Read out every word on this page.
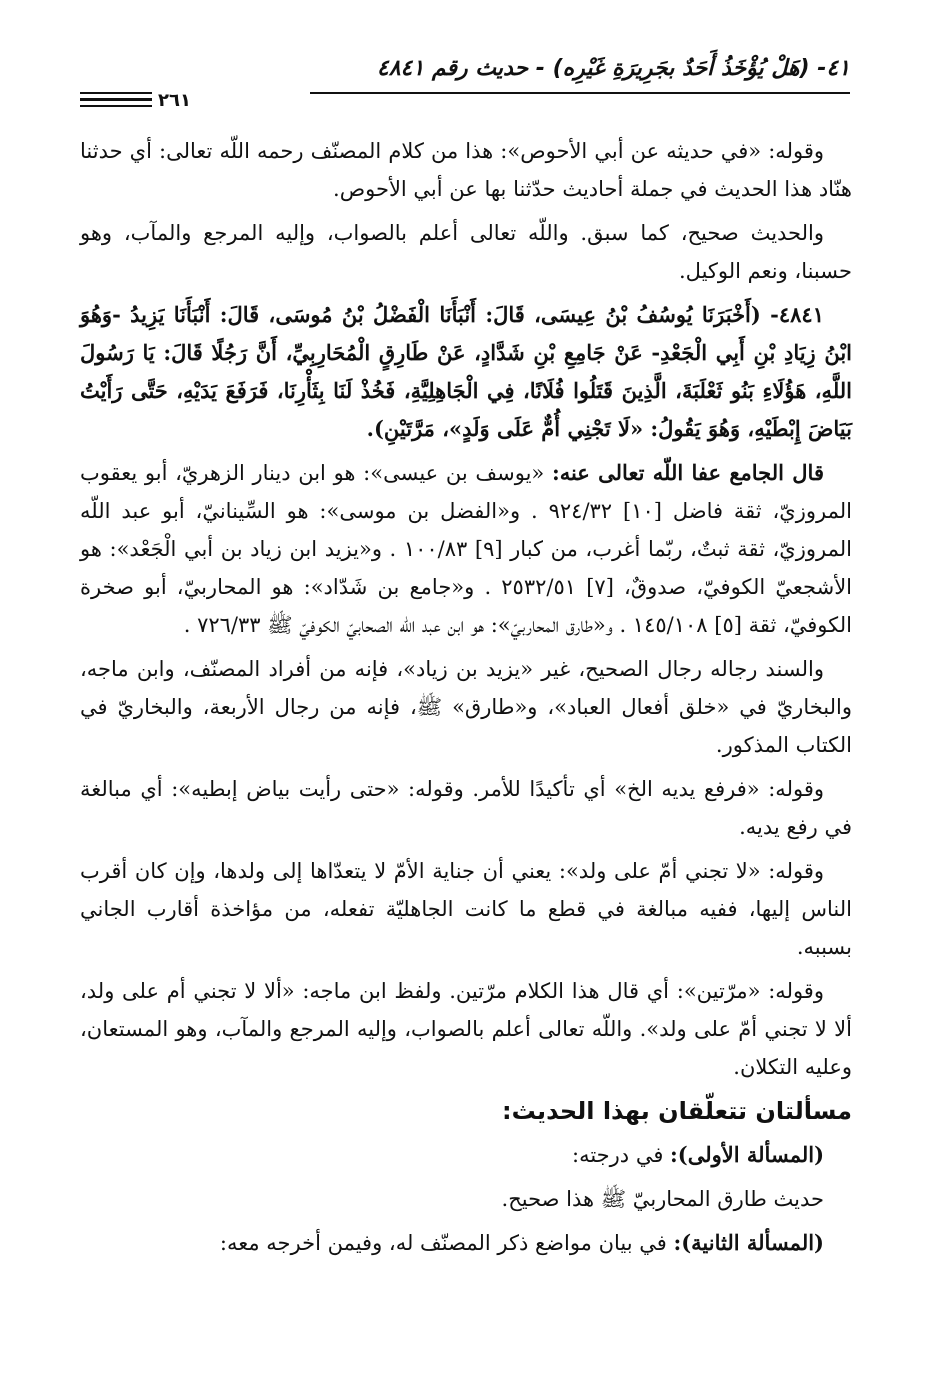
٤١- (هَلْ يُؤْخَذُ أَحَدٌ بجَرِيرَةِ غَيْرِه) - حديث رقم ٤٨٤١
٢٦١

وقوله: «في حديثه عن أبي الأحوص»: هذا من كلام المصنّف رحمه اللّه تعالى: أي حدثنا هنّاد هذا الحديث في جملة أحاديث حدّثنا بها عن أبي الأحوص.

والحديث صحيح، كما سبق. واللّه تعالى أعلم بالصواب، وإليه المرجع والمآب، وهو حسبنا، ونعم الوكيل.

٤٨٤١- (أَخْبَرَنَا يُوسُفُ بْنُ عِيسَى، قَالَ: أَنْبَأَنَا الْفَضْلُ بْنُ مُوسَى، قَالَ: أَنْبَأَنَا يَزِيدُ -وَهُوَ ابْنُ زِيَادِ بْنِ أَبِي الْجَعْدِ- عَنْ جَامِعِ بْنِ شَدَّادٍ، عَنْ طَارِقٍ الْمُحَارِبِيِّ، أَنَّ رَجُلًا قَالَ: يَا رَسُولَ اللَّهِ، هَؤُلَاءِ بَنُو ثَعْلَبَةَ، الَّذِينَ قَتَلُوا فُلَانًا، فِي الْجَاهِلِيَّةِ، فَخُذْ لَنَا بِثَأْرِنَا، فَرَفَعَ يَدَيْهِ، حَتَّى رَأَيْتُ بَيَاضَ إِبْطَيْهِ، وَهُوَ يَقُولُ: «لَا تَجْنِي أُمٌّ عَلَى وَلَدٍ»، مَرَّتَيْنِ).

قال الجامع عفا اللّه تعالى عنه: «يوسف بن عيسى»: هو ابن دينار الزهريّ، أبو يعقوب المروزيّ، ثقة فاضل [١٠] ٩٢٤/٣٢ . و«الفضل بن موسى»: هو السِّينانيّ، أبو عبد اللّه المروزيّ، ثقة ثبتٌ، ربّما أغرب، من كبار [٩] ١٠٠/٨٣ . و«يزيد ابن زياد بن أبي الْجَعْد»: هو الأشجعيّ الكوفيّ، صدوقٌ، [٧] ٢٥٣٢/٥١ . و«جامع بن شَدّاد»: هو المحاربيّ، أبو صخرة الكوفيّ، ثقة [٥] ١٤٥/١٠٨ . و«طارق المحاربيّ»: هو ابن عبد اللّه الصحابيّ الكوفيّ ﷺ ٧٢٦/٣٣ .

والسند رجاله رجال الصحيح، غير «يزيد بن زياد»، فإنه من أفراد المصنّف، وابن ماجه، والبخاريّ في «خلق أفعال العباد»، و«طارق» ﷺ، فإنه من رجال الأربعة، والبخاريّ في الكتاب المذكور.

وقوله: «فرفع يديه الخ» أي تأكيدًا للأمر. وقوله: «حتى رأيت بياض إبطيه»: أي مبالغة في رفع يديه.

وقوله: «لا تجني أمّ على ولد»: يعني أن جناية الأمّ لا يتعدّاها إلى ولدها، وإن كان أقرب الناس إليها، ففيه مبالغة في قطع ما كانت الجاهليّة تفعله، من مؤاخذة أقارب الجاني بسببه.

وقوله: «مرّتين»: أي قال هذا الكلام مرّتين. ولفظ ابن ماجه: «ألا لا تجني أم على ولد، ألا لا تجني أمّ على ولد». واللّه تعالى أعلم بالصواب، وإليه المرجع والمآب، وهو المستعان، وعليه التكلان.

مسألتان تتعلّقان بهذا الحديث:

(المسألة الأولى): في درجته:

حديث طارق المحاربيّ ﷺ هذا صحيح.

(المسألة الثانية): في بيان مواضع ذكر المصنّف له، وفيمن أخرجه معه:
